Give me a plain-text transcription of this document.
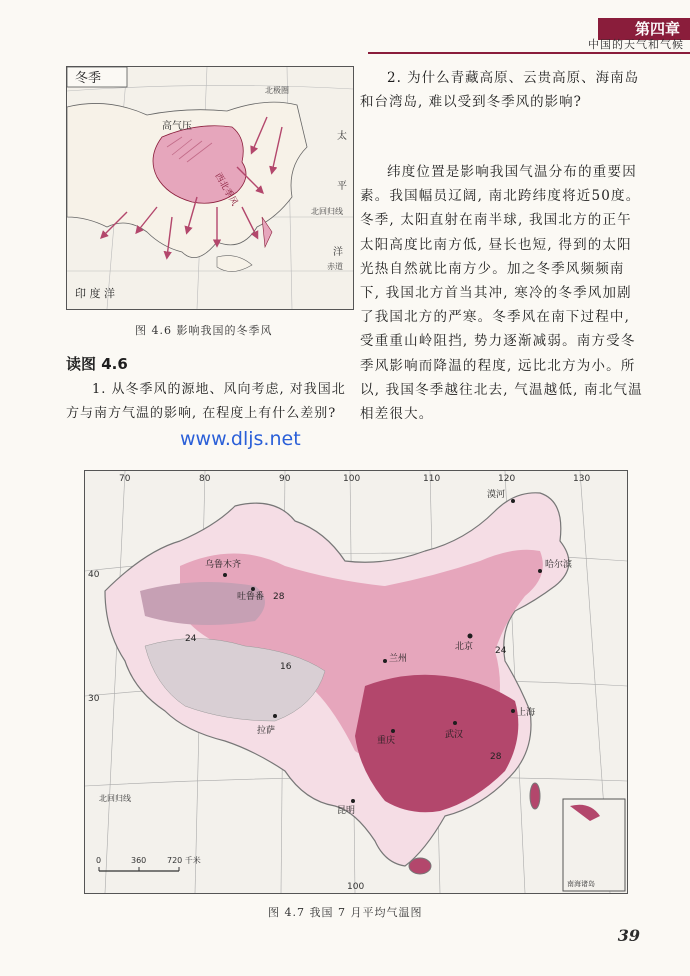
第四章
中国的天气和气候
冬季
北极圈
高气压
西北季风
太
平
北回归线
洋
赤道
印 度 洋
图 4.6 影响我国的冬季风
2. 为什么青藏高原、云贵高原、海南岛和台湾岛, 难以受到冬季风的影响?
纬度位置是影响我国气温分布的重要因素。我国幅员辽阔, 南北跨纬度将近50度。冬季, 太阳直射在南半球, 我国北方的正午太阳高度比南方低, 昼长也短, 得到的太阳光热自然就比南方少。加之冬季风频频南下, 我国北方首当其冲, 寒冷的冬季风加剧了我国北方的严寒。冬季风在南下过程中, 受重重山岭阻挡, 势力逐渐减弱。南方受冬季风影响而降温的程度, 远比北方为小。所以, 我国冬季越往北去, 气温越低, 南北气温相差很大。
读图 4.6
1. 从冬季风的源地、风向考虑, 对我国北方与南方气温的影响, 在程度上有什么差别?
www.dljs.net
南海诸岛
70	80	90	100	110	120	130
100
40
30
北回归线
漠河
哈尔滨
乌鲁木齐
吐鲁番
拉萨
北京
重庆
武汉
上海
昆明
兰州
28
24
16
24
28
0	360	720 千米
图 4.7 我国 7 月平均气温图
39
